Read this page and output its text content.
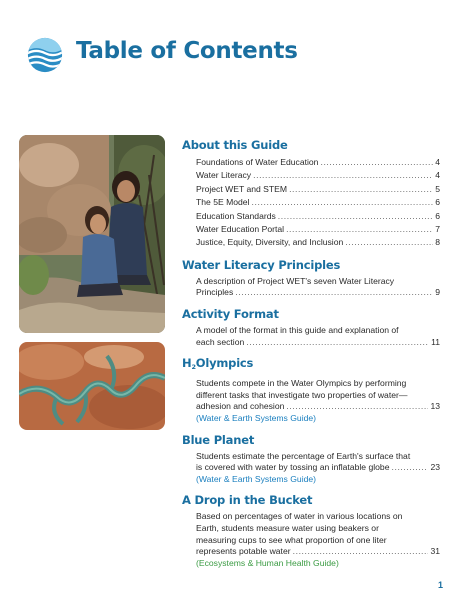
Table of Contents
About this Guide
Foundations of Water Education .....	4
Water Literacy .....	4
Project WET and STEM .....	5
The 5E Model .....	6
Education Standards .....	6
Water Education Portal .....	7
Justice, Equity, Diversity, and Inclusion .....	8
Water Literacy Principles
A description of Project WET's seven Water Literacy
Principles .....	9
Activity Format
A model of the format in this guide and explanation of
each section .....	11
$H_2Olympics$
Students compete in the Water Olympics by performing
different tasks that investigate two properties of water—
adhesion and cohesion .....	13
(Water & Earth Systems Guide)
Blue Planet
Students estimate the percentage of Earth's surface that
is covered with water by tossing an inflatable globe .....	23
(Water & Earth Systems Guide)
A Drop in the Bucket
Based on percentages of water in various locations on
Earth, students measure water using beakers or
measuring cups to see what proportion of one liter
represents potable water .....	31
(Ecosystems & Human Health Guide)
1
